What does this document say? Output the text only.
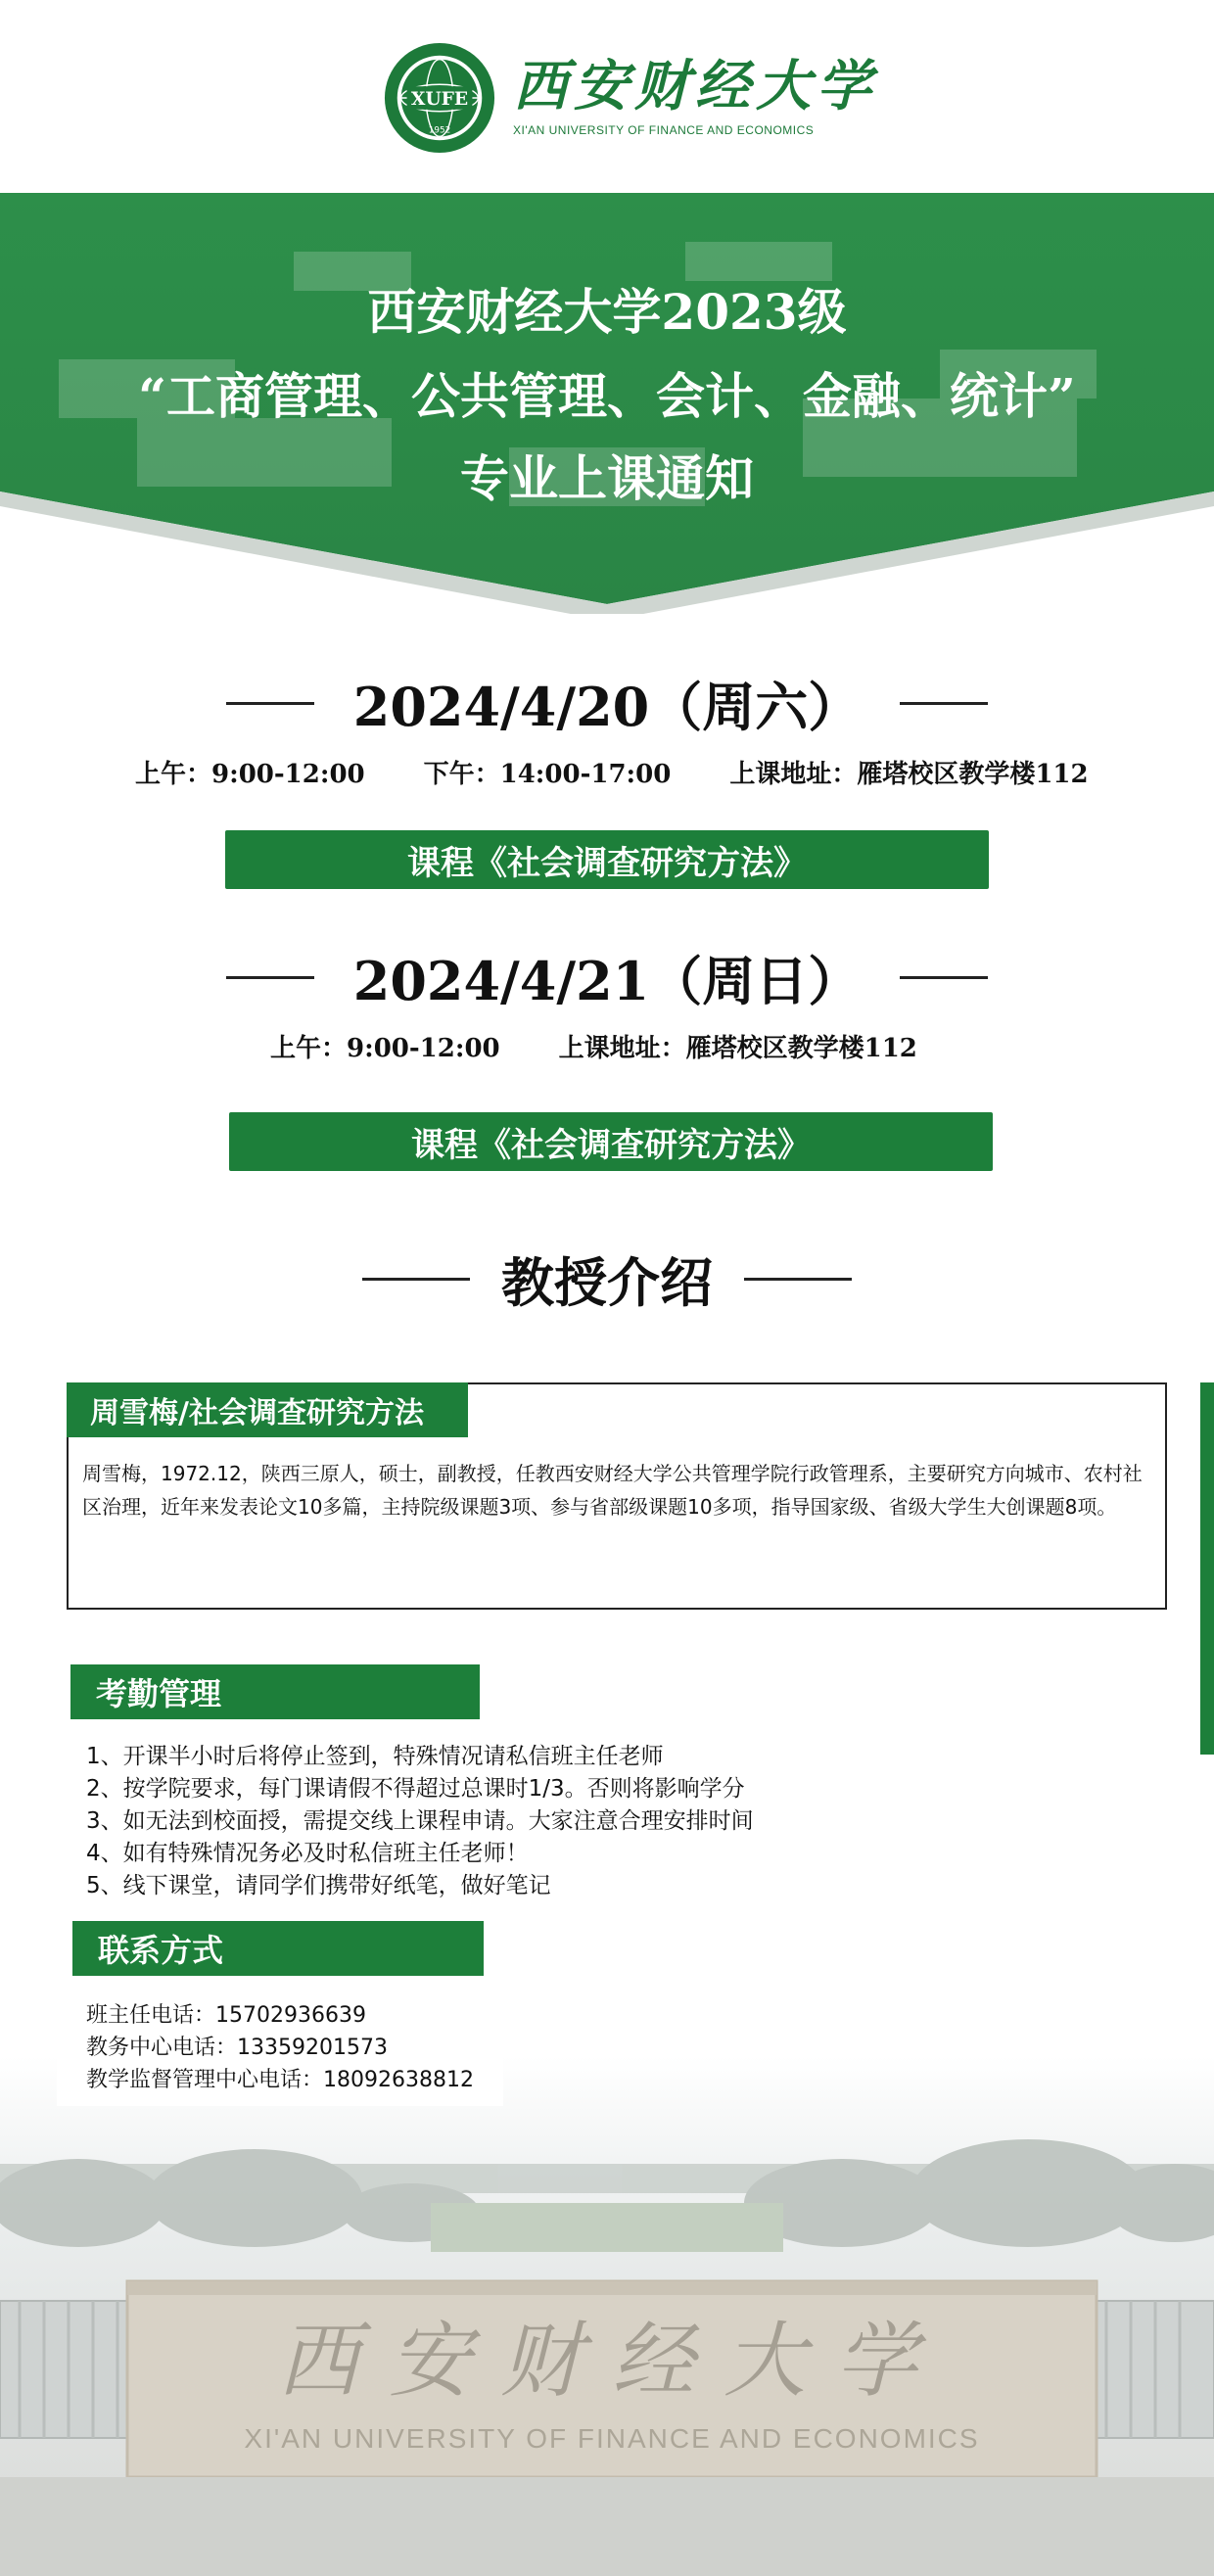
XUFE
1952
西安财经大学
XI'AN UNIVERSITY OF FINANCE AND ECONOMICS
西安财经大学2023级
“工商管理、公共管理、会计、金融、统计”
专业上课通知
2024/4/20（周六）
上午：9:00-12:00 下午：14:00-17:00 上课地址：雁塔校区教学楼112
课程《社会调查研究方法》
2024/4/21（周日）
上午：9:00-12:00 上课地址：雁塔校区教学楼112
课程《社会调查研究方法》
教授介绍
周雪梅/社会调查研究方法
周雪梅，1972.12，陕西三原人，硕士，副教授，任教西安财经大学公共管理学院行政管理系，主要研究方向城市、农村社区治理，近年来发表论文10多篇，主持院级课题3项、参与省部级课题10多项，指导国家级、省级大学生大创课题8项。
考勤管理
1、开课半小时后将停止签到，特殊情况请私信班主任老师
2、按学院要求，每门课请假不得超过总课时1/3。否则将影响学分
3、如无法到校面授，需提交线上课程申请。大家注意合理安排时间
4、如有特殊情况务必及时私信班主任老师！
5、线下课堂，请同学们携带好纸笔，做好笔记
西安财经大学
XI'AN UNIVERSITY OF FINANCE AND ECONOMICS
联系方式
班主任电话：15702936639
教务中心电话：13359201573
教学监督管理中心电话：18092638812
